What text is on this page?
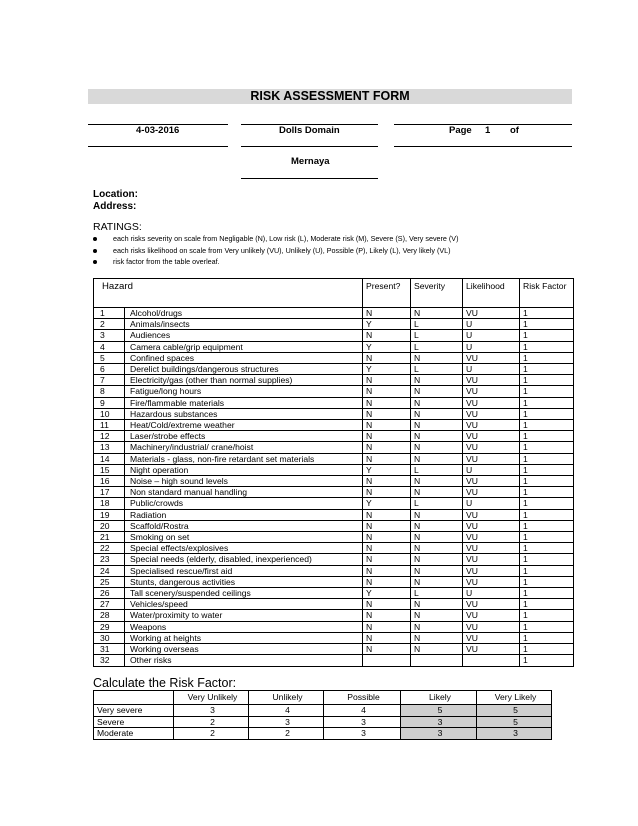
RISK ASSESSMENT FORM
4-03-2016	Dolls Domain	Page 1 of
Mernaya
Location:
Address:
RATINGS:
each risks severity on scale from Negligable (N), Low risk (L), Moderate risk (M), Severe (S), Very severe (V)
each risks likelihood on scale from Very unlikely (VU), Unlikely (U), Possible (P), Likely (L), Very likely (VL)
risk factor from the table overleaf.
Hazard		Present?	Severity	Likelihood	Risk Factor
1	Alcohol/drugs	N	N	VU	1
2	Animals/insects	Y	L	U	1
3	Audiences	N	L	U	1
4	Camera cable/grip equipment	Y	L	U	1
5	Confined spaces	N	N	VU	1
6	Derelict buildings/dangerous structures	Y	L	U	1
7	Electricity/gas (other than normal supplies)	N	N	VU	1
8	Fatigue/long hours	N	N	VU	1
9	Fire/flammable materials	N	N	VU	1
10	Hazardous substances	N	N	VU	1
11	Heat/Cold/extreme weather	N	N	VU	1
12	Laser/strobe effects	N	N	VU	1
13	Machinery/industrial/ crane/hoist	N	N	VU	1
14	Materials - glass, non-fire retardant set materials	N	N	VU	1
15	Night operation	Y	L	U	1
16	Noise – high sound levels	N	N	VU	1
17	Non standard manual handling	N	N	VU	1
18	Public/crowds	Y	L	U	1
19	Radiation	N	N	VU	1
20	Scaffold/Rostra	N	N	VU	1
21	Smoking on set	N	N	VU	1
22	Special effects/explosives	N	N	VU	1
23	Special needs (elderly, disabled, inexperienced)	N	N	VU	1
24	Specialised rescue/first aid	N	N	VU	1
25	Stunts, dangerous activities	N	N	VU	1
26	Tall scenery/suspended ceilings	Y	L	U	1
27	Vehicles/speed	N	N	VU	1
28	Water/proximity to water	N	N	VU	1
29	Weapons	N	N	VU	1
30	Working at heights	N	N	VU	1
31	Working overseas	N	N	VU	1
32	Other risks				1
Calculate the Risk Factor:
	Very Unlikely	Unlikely	Possible	Likely	Very Likely
Very severe	3	4	4	5	5
Severe	2	3	3	3	5
Moderate	2	2	3	3	3
